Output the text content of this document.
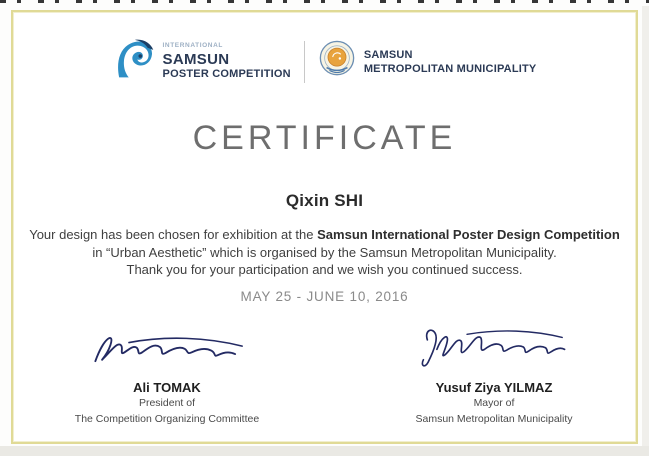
INTERNATIONAL
SAMSUN
POSTER COMPETITION
SAMSUN
METROPOLITAN MUNICIPALITY
CERTIFICATE
Qixin SHI
Your design has been chosen for exhibition at the Samsun International Poster Design Competition
in “Urban Aesthetic” which is organised by the Samsun Metropolitan Municipality.
Thank you for your participation and we wish you continued success.
MAY 25 - JUNE 10, 2016
Ali TOMAK
President of
The Competition Organizing Committee
Yusuf Ziya YILMAZ
Mayor of
Samsun Metropolitan Municipality
